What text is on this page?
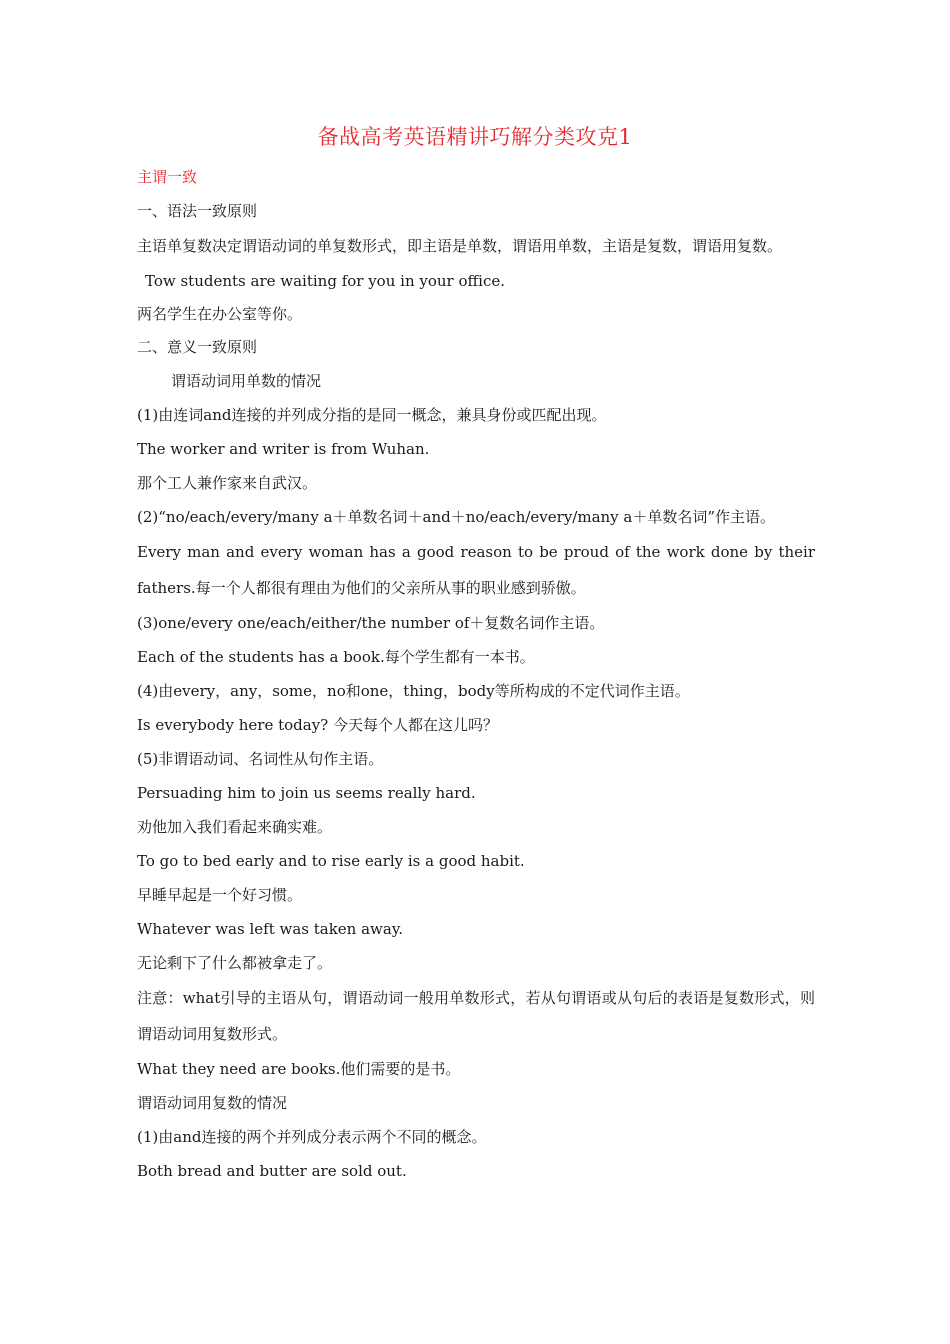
备战高考英语精讲巧解分类攻克1
主谓一致
一、语法一致原则
主语单复数决定谓语动词的单复数形式，即主语是单数，谓语用单数，主语是复数，谓语用复数。
Tow students are waiting for you in your office.
两名学生在办公室等你。
二、意义一致原则
谓语动词用单数的情况
(1)由连词and连接的并列成分指的是同一概念，兼具身份或匹配出现。
The worker and writer is from Wuhan.
那个工人兼作家来自武汉。
(2)“no/each/every/many a＋单数名词＋and＋no/each/every/many a＋单数名词”作主语。
Every man and every woman has a good reason to be proud of the work done by their fathers.每一个人都很有理由为他们的父亲所从事的职业感到骄傲。
(3)one/every one/each/either/the number of＋复数名词作主语。
Each of the students has a book.每个学生都有一本书。
(4)由every，any，some，no和one，thing，body等所构成的不定代词作主语。
Is everybody here today? 今天每个人都在这儿吗？
(5)非谓语动词、名词性从句作主语。
Persuading him to join us seems really hard.
劝他加入我们看起来确实难。
To go to bed early and to rise early is a good habit.
早睡早起是一个好习惯。
Whatever was left was taken away.
无论剩下了什么都被拿走了。
注意：what引导的主语从句，谓语动词一般用单数形式，若从句谓语或从句后的表语是复数形式，则谓语动词用复数形式。
What they need are books.他们需要的是书。
谓语动词用复数的情况
(1)由and连接的两个并列成分表示两个不同的概念。
Both bread and butter are sold out.
